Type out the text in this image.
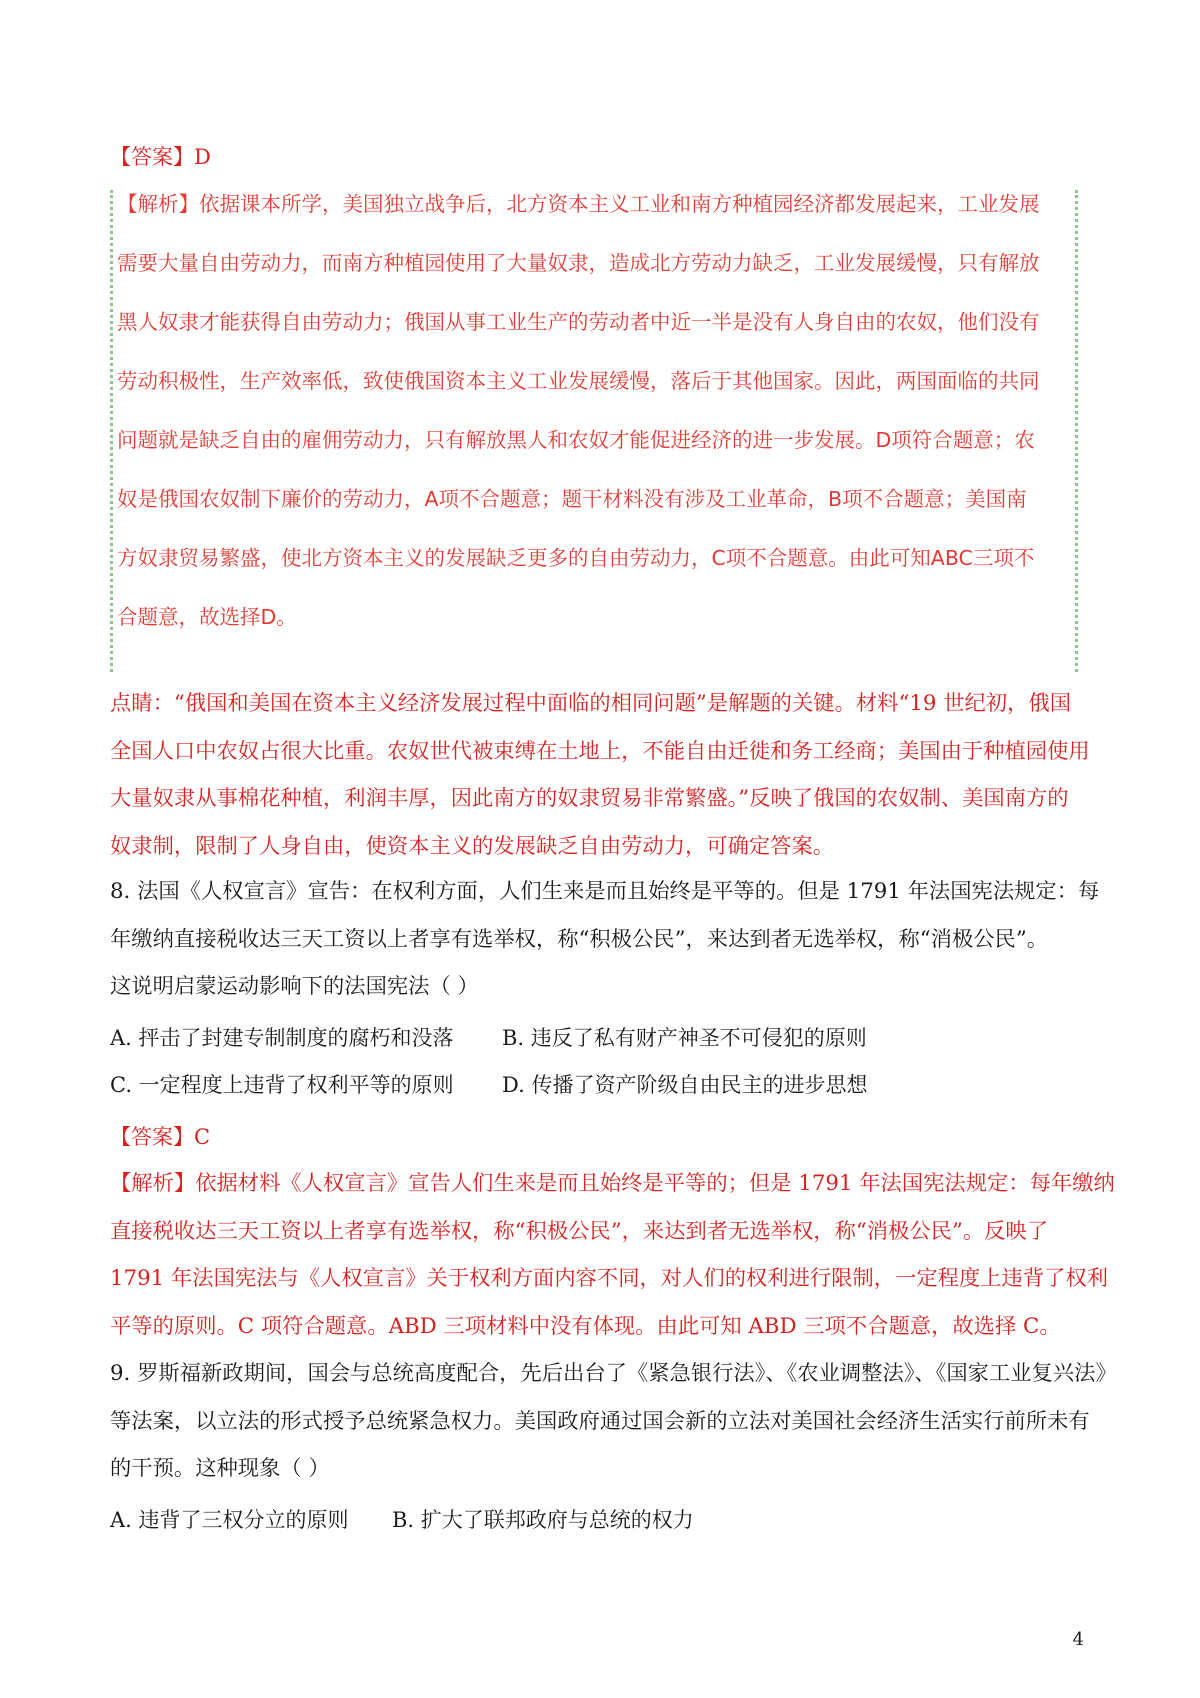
【答案】D
【解析】依据课本所学，美国独立战争后，北方资本主义工业和南方种植园经济都发展起来，工业发展
需要大量自由劳动力，而南方种植园使用了大量奴隶，造成北方劳动力缺乏，工业发展缓慢，只有解放
黑人奴隶才能获得自由劳动力；俄国从事工业生产的劳动者中近一半是没有人身自由的农奴，他们没有
劳动积极性，生产效率低，致使俄国资本主义工业发展缓慢，落后于其他国家。因此，两国面临的共同
问题就是缺乏自由的雇佣劳动力，只有解放黑人和农奴才能促进经济的进一步发展。D项符合题意；农
奴是俄国农奴制下廉价的劳动力，A项不合题意；题干材料没有涉及工业革命，B项不合题意；美国南
方奴隶贸易繁盛，使北方资本主义的发展缺乏更多的自由劳动力，C项不合题意。由此可知ABC三项不
合题意，故选择D。
点睛：“俄国和美国在资本主义经济发展过程中面临的相同问题”是解题的关键。材料“19 世纪初，俄国
全国人口中农奴占很大比重。农奴世代被束缚在土地上，不能自由迁徙和务工经商；美国由于种植园使用
大量奴隶从事棉花种植，利润丰厚，因此南方的奴隶贸易非常繁盛。”反映了俄国的农奴制、美国南方的
奴隶制，限制了人身自由，使资本主义的发展缺乏自由劳动力，可确定答案。
8. 法国《人权宣言》宣告：在权利方面，人们生来是而且始终是平等的。但是 1791 年法国宪法规定：每
年缴纳直接税收达三天工资以上者享有选举权，称“积极公民”，来达到者无选举权，称“消极公民”。
这说明启蒙运动影响下的法国宪法（ ）
A. 抨击了封建专制制度的腐朽和没落 B. 违反了私有财产神圣不可侵犯的原则
C. 一定程度上违背了权利平等的原则 D. 传播了资产阶级自由民主的进步思想
【答案】C
【解析】依据材料《人权宣言》宣告人们生来是而且始终是平等的；但是 1791 年法国宪法规定：每年缴纳
直接税收达三天工资以上者享有选举权，称“积极公民”，来达到者无选举权，称“消极公民”。反映了
1791 年法国宪法与《人权宣言》关于权利方面内容不同，对人们的权利进行限制，一定程度上违背了权利
平等的原则。C 项符合题意。ABD 三项材料中没有体现。由此可知 ABD 三项不合题意，故选择 C。
9. 罗斯福新政期间，国会与总统高度配合，先后出台了《紧急银行法》、《农业调整法》、《国家工业复兴法》
等法案，以立法的形式授予总统紧急权力。美国政府通过国会新的立法对美国社会经济生活实行前所未有
的干预。这种现象（ ）
A. 违背了三权分立的原则 B. 扩大了联邦政府与总统的权力
4
